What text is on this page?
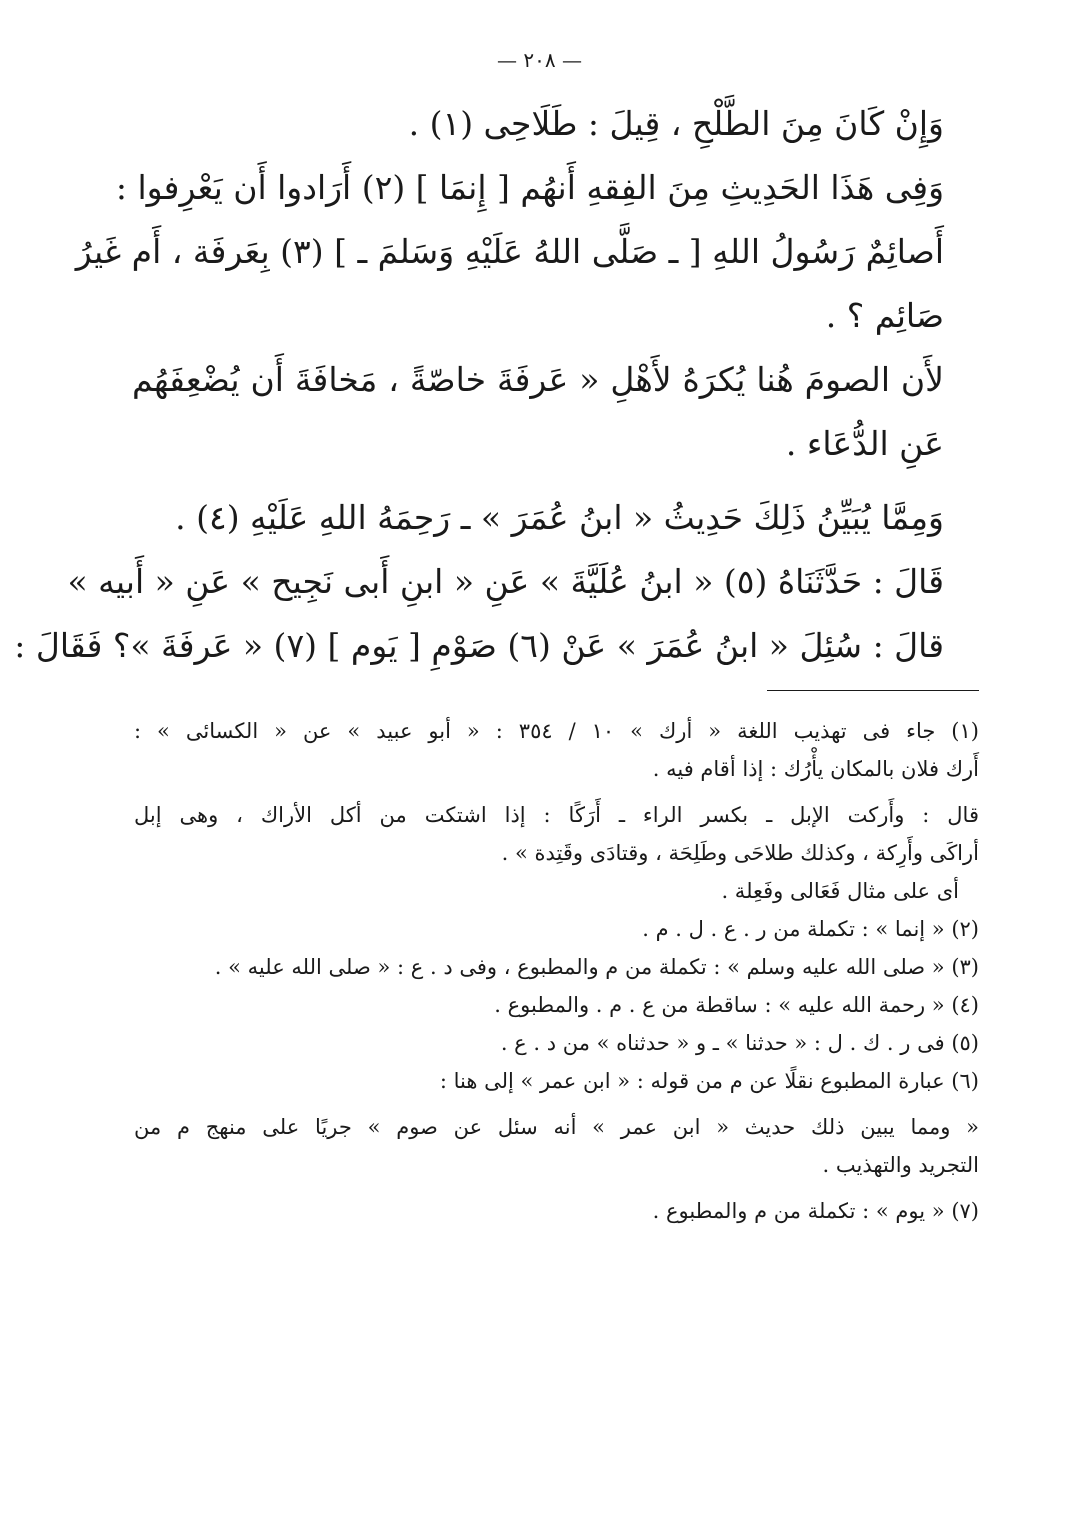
— ٢٠٨ —
وَإِنْ كَانَ مِنَ الطَّلْحِ ، قِيلَ : طَلَاحِى (١) .
وَفِى هَذَا الحَدِيثِ مِنَ الفِقهِ أَنهُم [ إِنمَا ] (٢) أَرَادوا أَن يَعْرِفوا :
أَصائِمٌ رَسُولُ اللهِ [ ـ صَلَّى اللهُ عَلَيْهِ وَسَلمَ ـ ] (٣) بِعَرفَة ، أَم غَيرُ
صَائِم ؟ .
لأَن الصومَ هُنا يُكرَهُ لأَهْلِ « عَرفَةَ خاصّةً ، مَخافَةَ أَن يُضْعِفَهُم
عَنِ الدُّعَاء .
وَمِمَّا يُبَيِّنُ ذَلِكَ حَدِيثُ « ابنُ عُمَرَ » ـ رَحِمَهُ اللهِ عَلَيْهِ (٤) .
قَالَ : حَدَّثَنَاهُ (٥) « ابنُ عُلَيَّةَ » عَنِ « ابنِ أَبى نَجِيح » عَنِ « أَبيه »
قالَ : سُئِلَ « ابنُ عُمَرَ » عَنْ (٦) صَوْمِ [ يَوم ] (٧) « عَرفَةَ »؟ فَقَالَ :
(١) جاء فى تهذيب اللغة « أرك » ١٠ / ٣٥٤ : « أبو عبيد » عن « الكسائى » :
أَرك فلان بالمكان يأْرُك : إذا أقام فيه .
قال : وأَركت الإبل ـ بكسر الراء ـ أَرَكًا : إذا اشتكت من أكل الأراك ، وهى إبل
أراكَى وأَرِكة ، وكذلك طلاحَى وطَلِحَة ، وقتادَى وقَتِدة » .
أى على مثال فَعَالى وفَعِلة .
(٢) « إنما » : تكملة من ر . ع . ل . م .
(٣) « صلى الله عليه وسلم » : تكملة من م والمطبوع ، وفى د . ع : « صلى الله عليه » .
(٤) « رحمة الله عليه » : ساقطة من ع . م . والمطبوع .
(٥) فى ر . ك . ل : « حدثنا » ـ و « حدثناه » من د . ع .
(٦) عبارة المطبوع نقلًا عن م من قوله : « ابن عمر » إلى هنا :
« ومما يبين ذلك حديث « ابن عمر » أنه سئل عن صوم » جريًا على منهج م من
التجريد والتهذيب .
(٧) « يوم » : تكملة من م والمطبوع .
